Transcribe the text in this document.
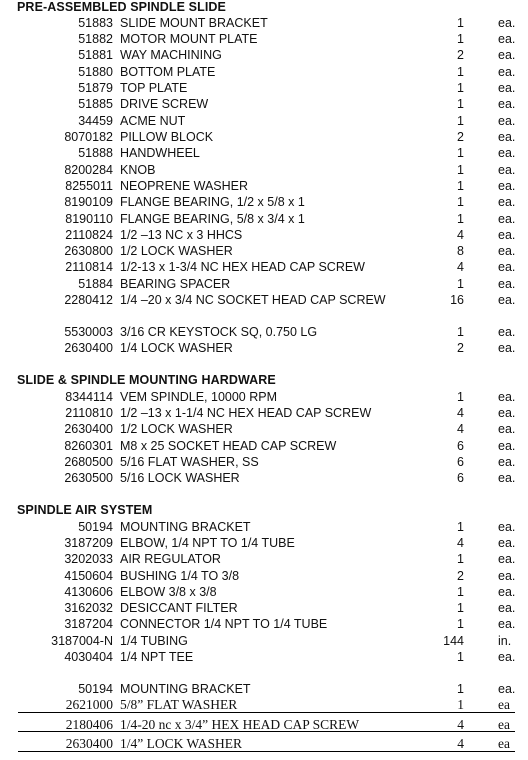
PRE-ASSEMBLED SPINDLE SLIDE
SLIDE & SPINDLE MOUNTING HARDWARE
SPINDLE AIR SYSTEM
51883 SLIDE MOUNT BRACKET	1	ea.
51882 MOTOR MOUNT PLATE	1	ea.
51881 WAY MACHINING	2	ea.
51880 BOTTOM PLATE	1	ea.
51879 TOP PLATE	1	ea.
51885 DRIVE SCREW	1	ea.
34459 ACME NUT	1	ea.
8070182 PILLOW BLOCK	2	ea.
51888 HANDWHEEL	1	ea.
8200284 KNOB	1	ea.
8255011 NEOPRENE WASHER	1	ea.
8190109 FLANGE BEARING, 1/2 x 5/8 x 1	1	ea.
8190110 FLANGE BEARING, 5/8 x 3/4 x 1	1	ea.
2110824 1/2 –13 NC x 3 HHCS	4	ea.
2630800 1/2 LOCK WASHER	8	ea.
2110814 1/2-13 x 1-3/4 NC HEX HEAD CAP SCREW	4	ea.
51884 BEARING SPACER	1	ea.
2280412 1/4 –20 x 3/4 NC SOCKET HEAD CAP SCREW	16	ea.
5530003 3/16 CR KEYSTOCK SQ, 0.750 LG	1	ea.
2630400 1/4 LOCK WASHER	2	ea.
8344114 VEM SPINDLE, 10000 RPM	1	ea.
2110810 1/2 –13 x 1-1/4 NC HEX HEAD CAP SCREW	4	ea.
2630400 1/2 LOCK WASHER	4	ea.
8260301 M8 x 25 SOCKET HEAD CAP SCREW	6	ea.
2680500 5/16 FLAT WASHER, SS	6	ea.
2630500 5/16 LOCK WASHER	6	ea.
50194 MOUNTING BRACKET	1	ea.
3187209 ELBOW, 1/4 NPT TO 1/4 TUBE	4	ea.
3202033 AIR REGULATOR	1	ea.
4150604 BUSHING 1/4 TO 3/8	2	ea.
4130606 ELBOW 3/8 x 3/8	1	ea.
3162032 DESICCANT FILTER	1	ea.
3187204 CONNECTOR 1/4 NPT TO 1/4 TUBE	1	ea.
3187004-N 1/4 TUBING	144	in.
4030404 1/4 NPT TEE	1	ea.
50194 MOUNTING BRACKET	1	ea.
2621000 5/8” FLAT WASHER	1	ea
2180406 1/4-20 nc x 3/4” HEX HEAD CAP SCREW	4	ea
2630400 1/4” LOCK WASHER	4	ea
